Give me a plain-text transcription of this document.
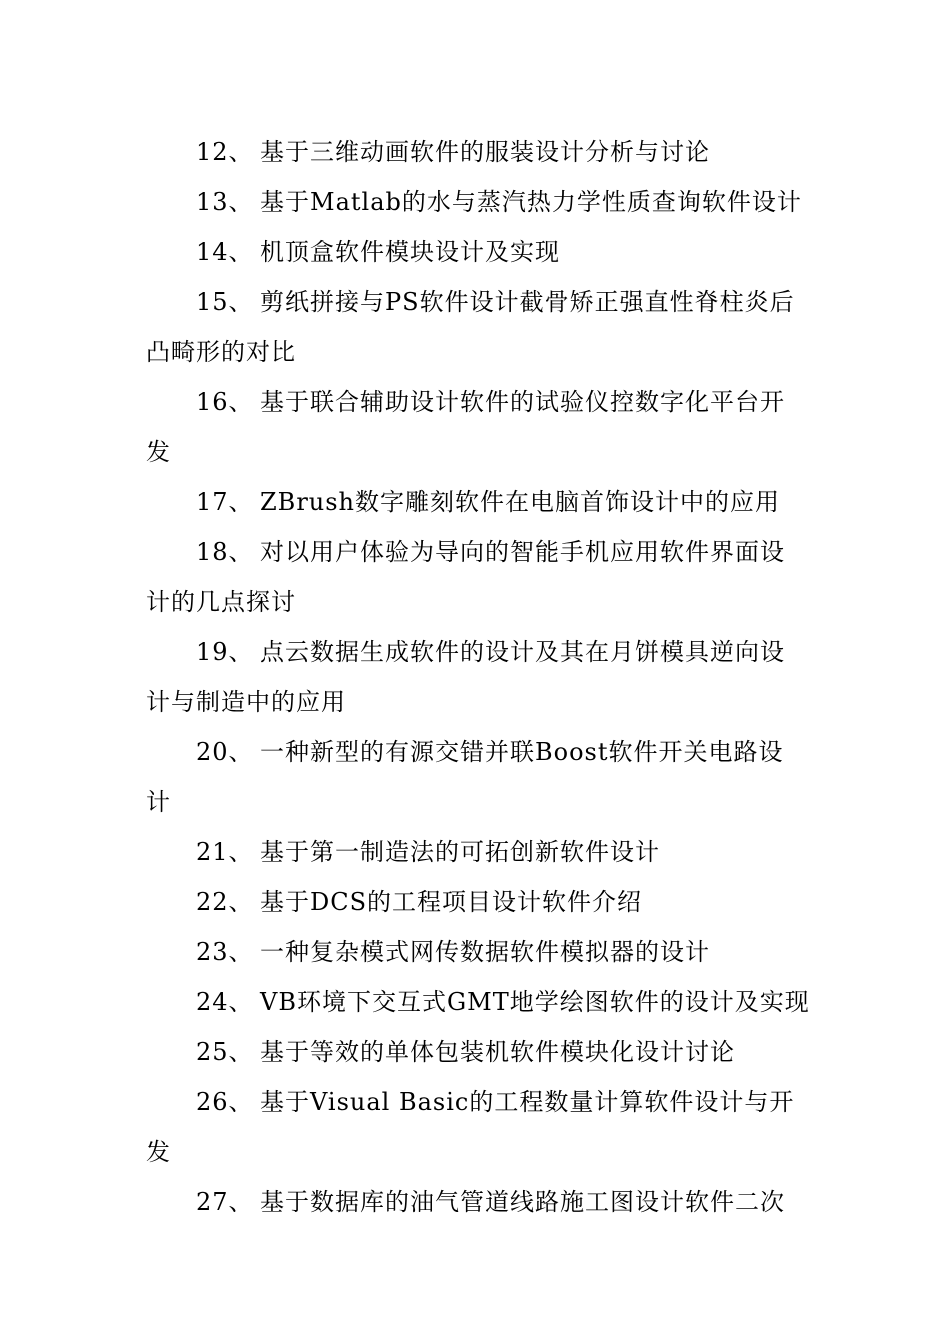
12、 基于三维动画软件的服装设计分析与讨论
13、 基于Matlab的水与蒸汽热力学性质查询软件设计
14、 机顶盒软件模块设计及实现
15、 剪纸拼接与PS软件设计截骨矫正强直性脊柱炎后
凸畸形的对比
16、 基于联合辅助设计软件的试验仪控数字化平台开
发
17、 ZBrush数字雕刻软件在电脑首饰设计中的应用
18、 对以用户体验为导向的智能手机应用软件界面设
计的几点探讨
19、 点云数据生成软件的设计及其在月饼模具逆向设
计与制造中的应用
20、 一种新型的有源交错并联Boost软件开关电路设
计
21、 基于第一制造法的可拓创新软件设计
22、 基于DCS的工程项目设计软件介绍
23、 一种复杂模式网传数据软件模拟器的设计
24、 VB环境下交互式GMT地学绘图软件的设计及实现
25、 基于等效的单体包装机软件模块化设计讨论
26、 基于Visual Basic的工程数量计算软件设计与开
发
27、 基于数据库的油气管道线路施工图设计软件二次
